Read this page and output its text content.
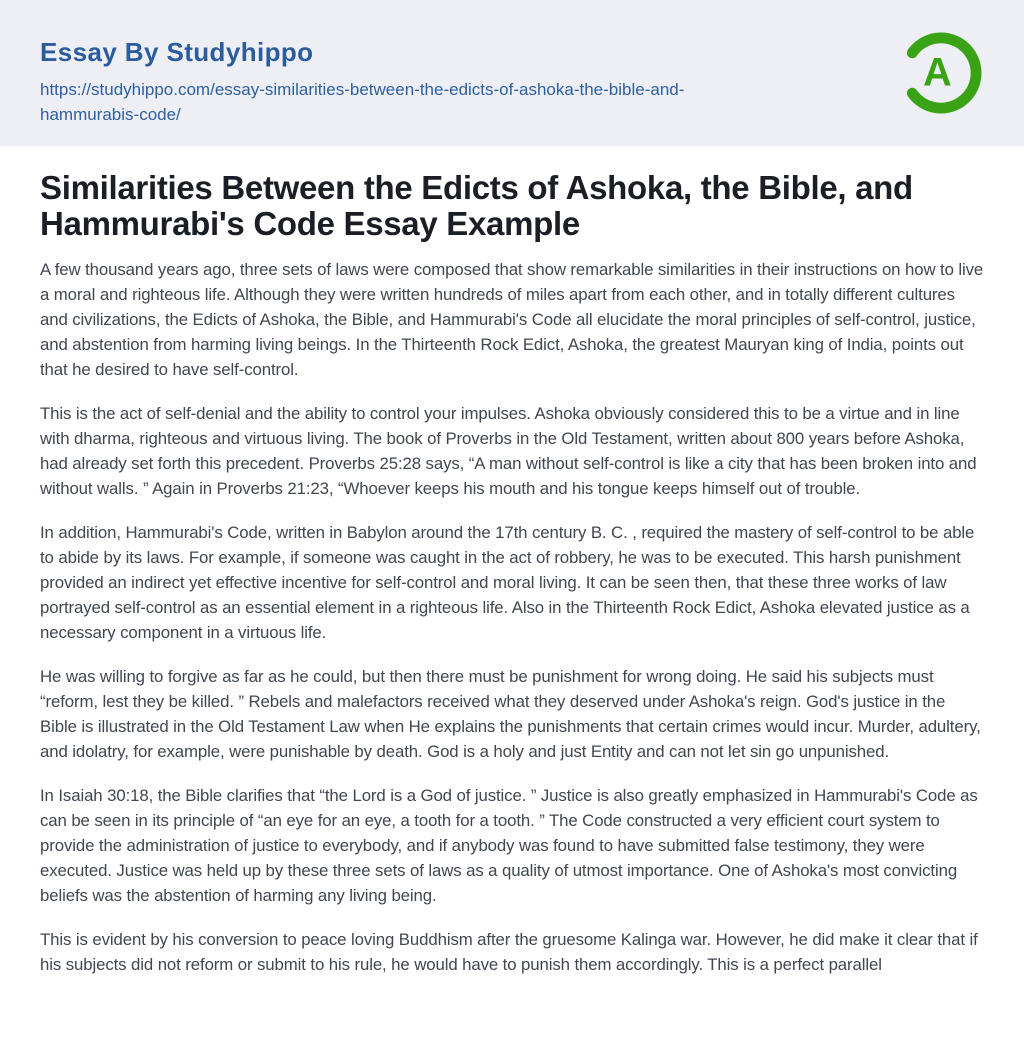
Essay By Studyhippo
https://studyhippo.com/essay-similarities-between-the-edicts-of-ashoka-the-bible-and-
hammurabis-code/
A
Similarities Between the Edicts of Ashoka, the Bible, and Hammurabi's Code Essay Example

A few thousand years ago, three sets of laws were composed that show remarkable similarities in their instructions on how to live a moral and righteous life. Although they were written hundreds of miles apart from each other, and in totally different cultures and civilizations, the Edicts of Ashoka, the Bible, and Hammurabi's Code all elucidate the moral principles of self-control, justice, and abstention from harming living beings. In the Thirteenth Rock Edict, Ashoka, the greatest Mauryan king of India, points out that he desired to have self-control.

This is the act of self-denial and the ability to control your impulses. Ashoka obviously considered this to be a virtue and in line with dharma, righteous and virtuous living. The book of Proverbs in the Old Testament, written about 800 years before Ashoka, had already set forth this precedent. Proverbs 25:28 says, “A man without self-control is like a city that has been broken into and without walls. ” Again in Proverbs 21:23, “Whoever keeps his mouth and his tongue keeps himself out of trouble.

In addition, Hammurabi's Code, written in Babylon around the 17th century B. C. , required the mastery of self-control to be able to abide by its laws. For example, if someone was caught in the act of robbery, he was to be executed. This harsh punishment provided an indirect yet effective incentive for self-control and moral living. It can be seen then, that these three works of law portrayed self-control as an essential element in a righteous life. Also in the Thirteenth Rock Edict, Ashoka elevated justice as a necessary component in a virtuous life.

He was willing to forgive as far as he could, but then there must be punishment for wrong doing. He said his subjects must “reform, lest they be killed. ” Rebels and malefactors received what they deserved under Ashoka's reign. God's justice in the Bible is illustrated in the Old Testament Law when He explains the punishments that certain crimes would incur. Murder, adultery, and idolatry, for example, were punishable by death. God is a holy and just Entity and can not let sin go unpunished.

In Isaiah 30:18, the Bible clarifies that “the Lord is a God of justice. ” Justice is also greatly emphasized in Hammurabi's Code as can be seen in its principle of “an eye for an eye, a tooth for a tooth. ” The Code constructed a very efficient court system to provide the administration of justice to everybody, and if anybody was found to have submitted false testimony, they were executed. Justice was held up by these three sets of laws as a quality of utmost importance. One of Ashoka's most convicting beliefs was the abstention of harming any living being.

This is evident by his conversion to peace loving Buddhism after the gruesome Kalinga war. However, he did make it clear that if his subjects did not reform or submit to his rule, he would have to punish them accordingly. This is a perfect parallel
